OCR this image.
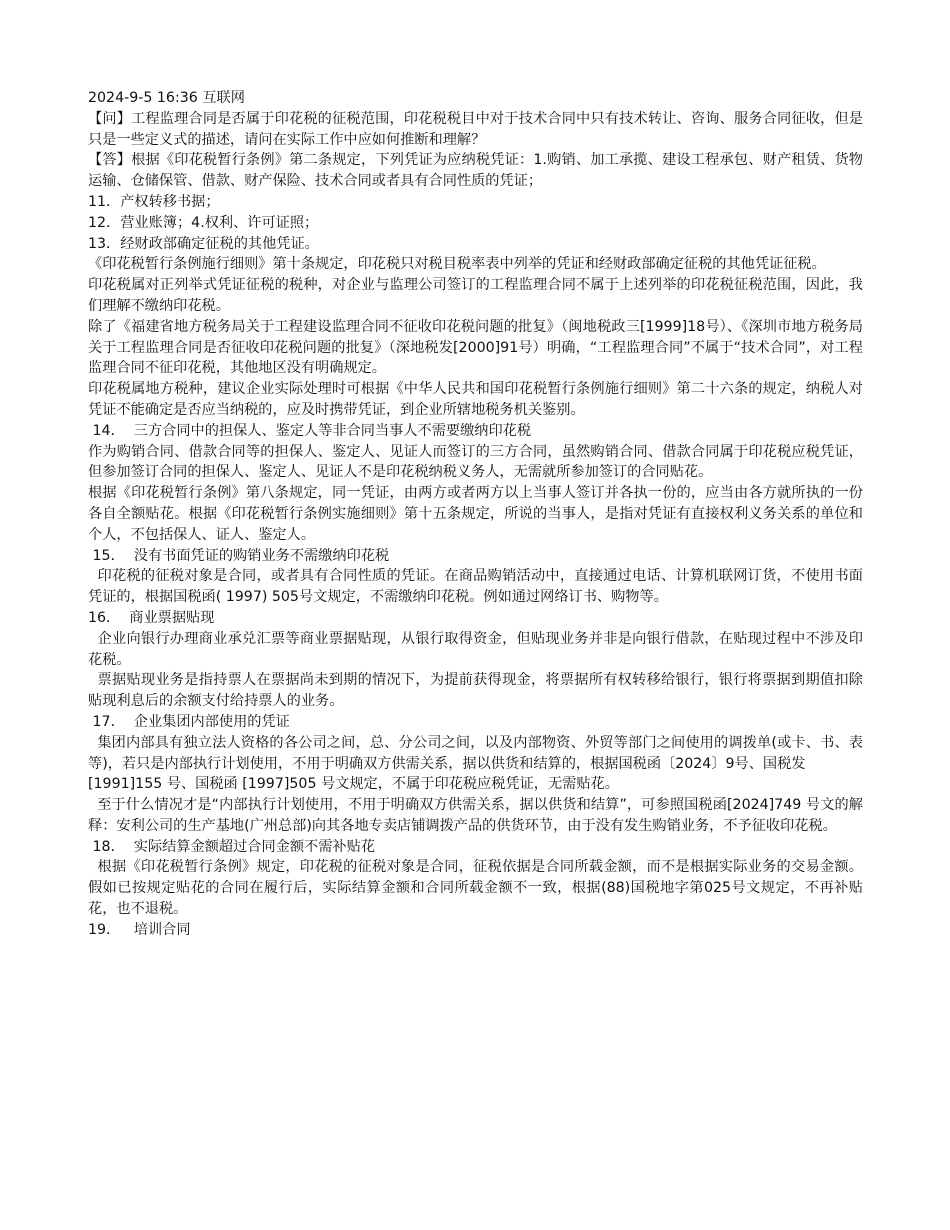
2024-9-5 16:36 互联网
【问】工程监理合同是否属于印花税的征税范围，印花税税目中对于技术合同中只有技术转让、咨询、服务合同征收，但是只是一些定义式的描述，请问在实际工作中应如何推断和理解？
【答】根据《印花税暂行条例》第二条规定，下列凭证为应纳税凭证：1.购销、加工承揽、建设工程承包、财产租赁、货物运输、仓储保管、借款、财产保险、技术合同或者具有合同性质的凭证；
11．产权转移书据；
12．营业账簿；4.权利、许可证照；
13．经财政部确定征税的其他凭证。
《印花税暂行条例施行细则》第十条规定，印花税只对税目税率表中列举的凭证和经财政部确定征税的其他凭证征税。
印花税属对正列举式凭证征税的税种，对企业与监理公司签订的工程监理合同不属于上述列举的印花税征税范围，因此，我们理解不缴纳印花税。
除了《福建省地方税务局关于工程建设监理合同不征收印花税问题的批复》（闽地税政三[1999]18号）、《深圳市地方税务局关于工程监理合同是否征收印花税问题的批复》（深地税发[2000]91号）明确，“工程监理合同”不属于“技术合同”，对工程监理合同不征印花税，其他地区没有明确规定。
印花税属地方税种，建议企业实际处理时可根据《中华人民共和国印花税暂行条例施行细则》第二十六条的规定，纳税人对凭证不能确定是否应当纳税的，应及时携带凭证，到企业所辖地税务机关鉴别。
14．  三方合同中的担保人、鉴定人等非合同当事人不需要缴纳印花税
作为购销合同、借款合同等的担保人、鉴定人、见证人而签订的三方合同，虽然购销合同、借款合同属于印花税应税凭证，但参加签订合同的担保人、鉴定人、见证人不是印花税纳税义务人，无需就所参加签订的合同贴花。
根据《印花税暂行条例》第八条规定，同一凭证，由两方或者两方以上当事人签订并各执一份的，应当由各方就所执的一份各自全额贴花。根据《印花税暂行条例实施细则》第十五条规定，所说的当事人，是指对凭证有直接权利义务关系的单位和个人，不包括保人、证人、鉴定人。
15．  没有书面凭证的购销业务不需缴纳印花税
印花税的征税对象是合同，或者具有合同性质的凭证。在商品购销活动中，直接通过电话、计算机联网订货，不使用书面凭证的，根据国税函( 1997) 505号文规定，不需缴纳印花税。例如通过网络订书、购物等。
16．  商业票据贴现
企业向银行办理商业承兑汇票等商业票据贴现，从银行取得资金，但贴现业务并非是向银行借款，在贴现过程中不涉及印花税。
票据贴现业务是指持票人在票据尚未到期的情况下，为提前获得现金，将票据所有权转移给银行，银行将票据到期值扣除贴现利息后的余额支付给持票人的业务。
17．  企业集团内部使用的凭证
集团内部具有独立法人资格的各公司之间，总、分公司之间，以及内部物资、外贸等部门之间使用的调拨单(或卡、书、表等)，若只是内部执行计划使用，不用于明确双方供需关系，据以供货和结算的，根据国税函〔2024〕9号、国税发
[1991]155 号、国税函 [1997]505 号文规定，不属于印花税应税凭证，无需贴花。
至于什么情况才是“内部执行计划使用，不用于明确双方供需关系，据以供货和结算”，可参照国税函[2024]749 号文的解释：安利公司的生产基地(广州总部)向其各地专卖店铺调拨产品的供货环节，由于没有发生购销业务，不予征收印花税。
18．  实际结算金额超过合同金额不需补贴花
根据《印花税暂行条例》规定，印花税的征税对象是合同，征税依据是合同所载金额，而不是根据实际业务的交易金额。假如已按规定贴花的合同在履行后，实际结算金额和合同所载金额不一致，根据(88)国税地字第025号文规定，不再补贴花，也不退税。
19．   培训合同
